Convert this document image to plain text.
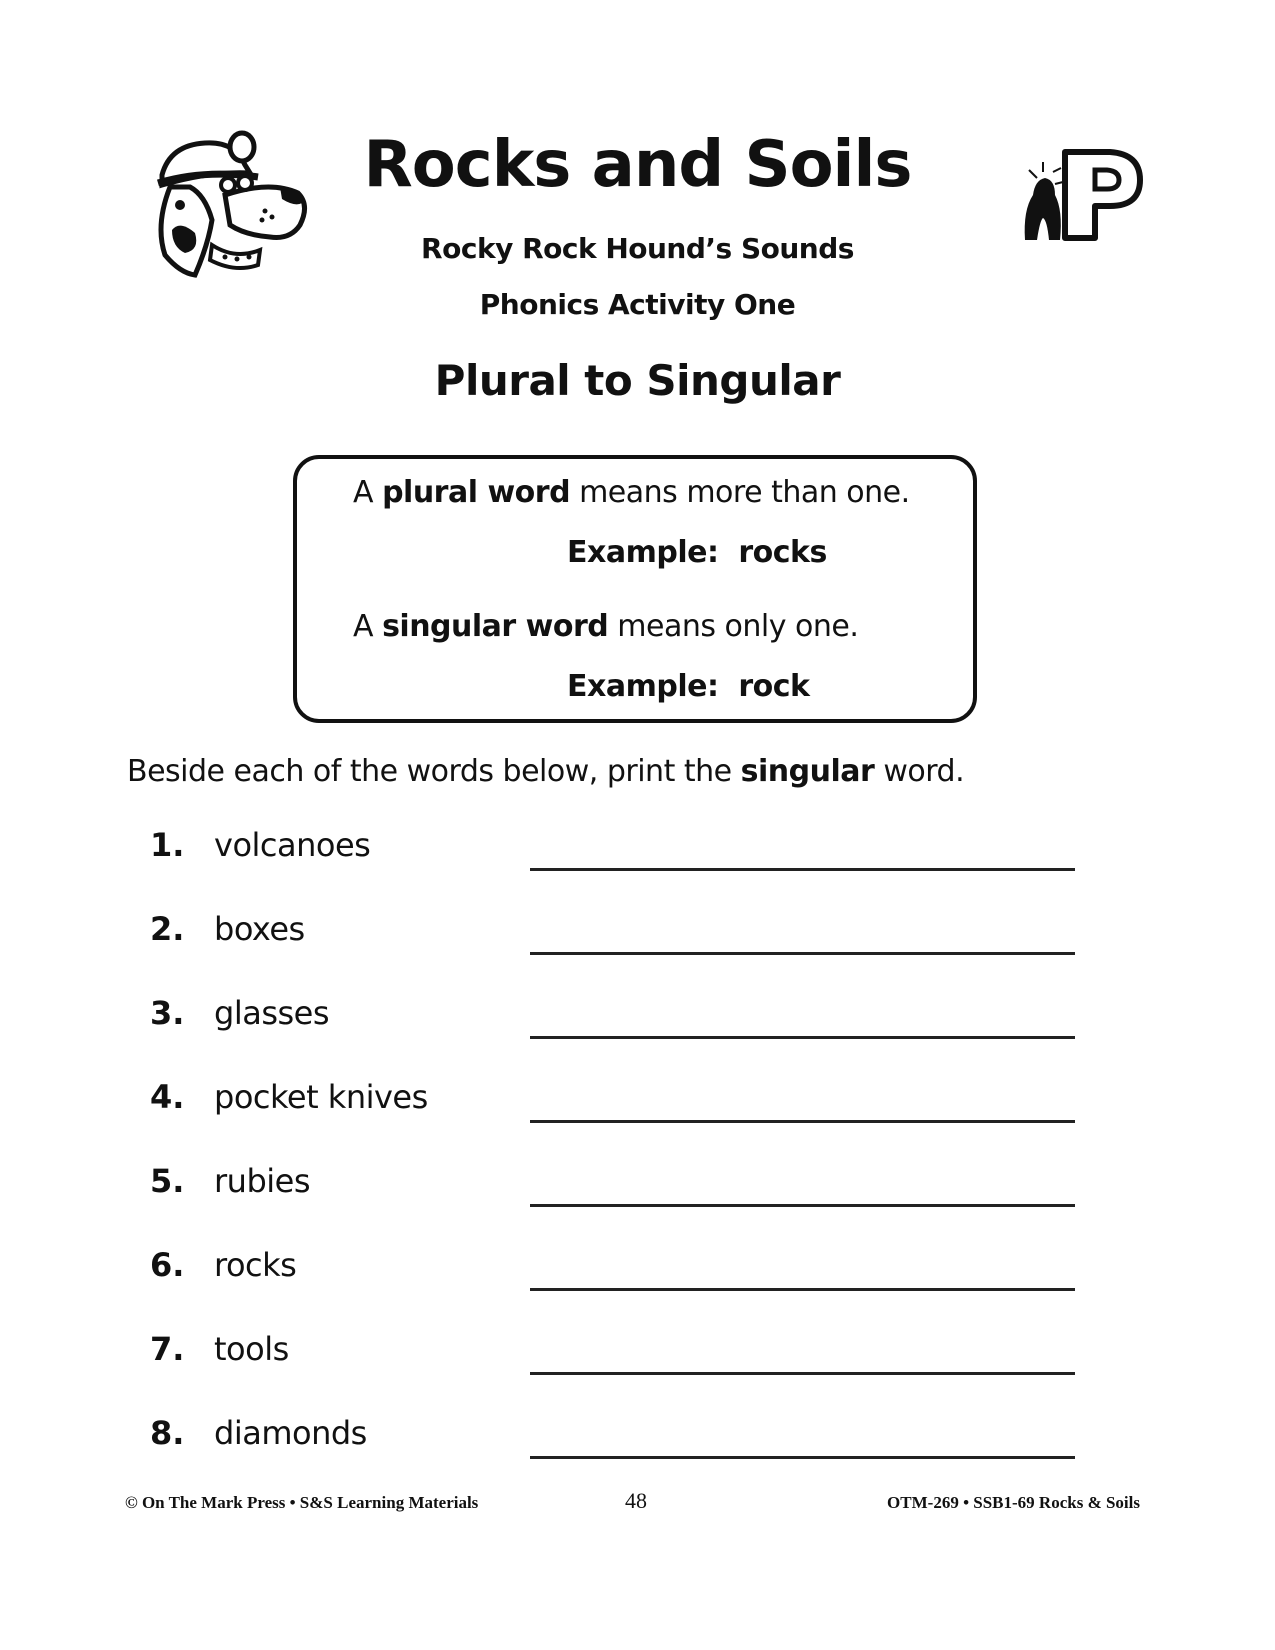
Rocks and Soils
Rocky Rock Hound’s Sounds
Phonics Activity One
Plural to Singular
A plural word means more than one.
Example: rocks
A singular word means only one.
Example: rock
Beside each of the words below, print the singular word.
1. volcanoes
2. boxes
3. glasses
4. pocket knives
5. rubies
6. rocks
7. tools
8. diamonds
© On The Mark Press • S&S Learning Materials	48	OTM-269 • SSB1-69 Rocks & Soils
